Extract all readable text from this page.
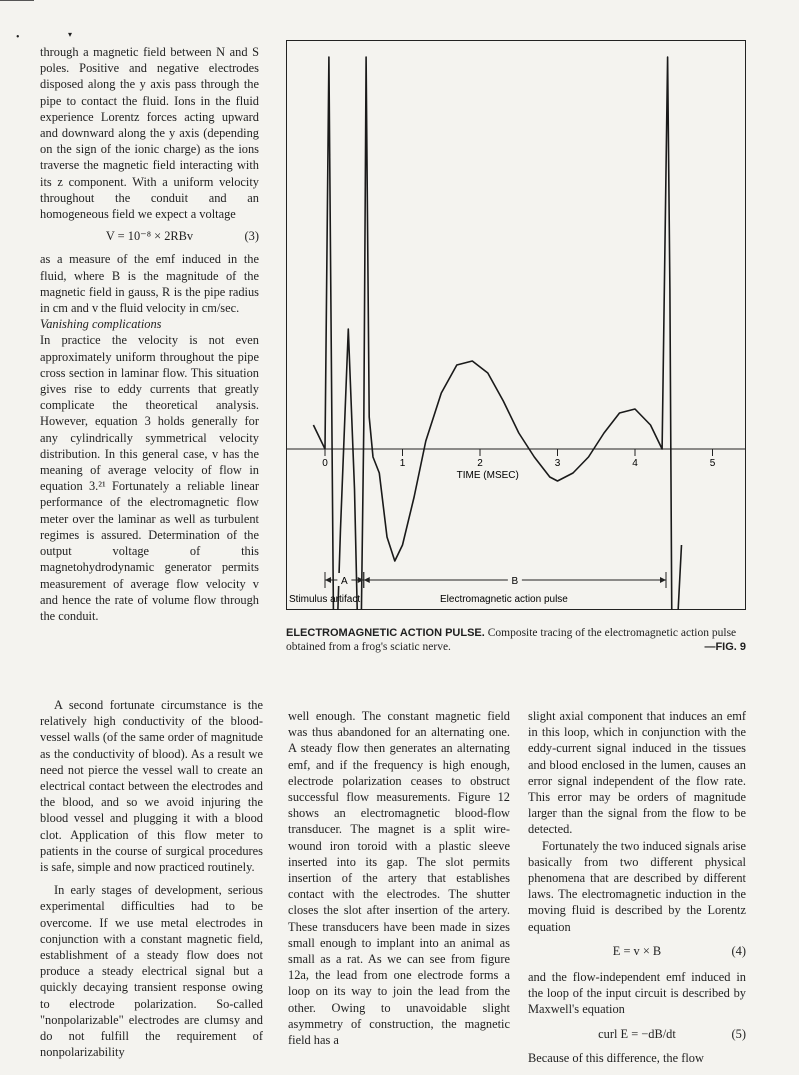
•	▾

through a magnetic field between N and S poles. Positive and negative electrodes disposed along the y axis pass through the pipe to contact the fluid. Ions in the fluid experience Lorentz forces acting upward and downward along the y axis (depending on the sign of the ionic charge) as the ions traverse the magnetic field interacting with its z component. With a uniform velocity throughout the conduit and an homogeneous field we expect a voltage

V = 10⁻⁸ × 2RBv	(3)

as a measure of the emf induced in the fluid, where B is the magnitude of the magnetic field in gauss, R is the pipe radius in cm and v the fluid velocity in cm/sec.

Vanishing complications

In practice the velocity is not even approximately uniform throughout the pipe cross section in laminar flow. This situation gives rise to eddy currents that greatly complicate the theoretical analysis. However, equation 3 holds generally for any cylindrically symmetrical velocity distribution. In this general case, v has the meaning of average velocity of flow in equation 3.²¹ Fortunately a reliable linear performance of the electromagnetic flow meter over the laminar as well as turbulent regimes is assured. Determination of the output voltage of this magnetohydrodynamic generator permits measurement of average flow velocity v and hence the rate of volume flow through the conduit.

A second fortunate circumstance is the relatively high conductivity of the blood-vessel walls (of the same order of magnitude as the conductivity of blood). As a result we need not pierce the vessel wall to create an electrical contact between the electrodes and the blood, and so we avoid injuring the blood vessel and plugging it with a blood clot. Application of this flow meter to patients in the course of surgical procedures is safe, simple and now practiced routinely.

In early stages of development, serious experimental difficulties had to be overcome. If we use metal electrodes in conjunction with a constant magnetic field, establishment of a steady flow does not produce a steady electrical signal but a quickly decaying transient response owing to electrode polarization. So-called "nonpolarizable" electrodes are clumsy and do not fulfill the requirement of nonpolarizability

0	1	2	3	4	5
TIME (MSEC)
A	B
Stimulus artifact	Electromagnetic action pulse
ELECTROMAGNETIC ACTION PULSE. Composite tracing of the electromagnetic action pulse obtained from a frog's sciatic nerve.	—FIG. 9

well enough. The constant magnetic field was thus abandoned for an alternating one. A steady flow then generates an alternating emf, and if the frequency is high enough, electrode polarization ceases to obstruct successful flow measurements. Figure 12 shows an electromagnetic blood-flow transducer. The magnet is a split wire-wound iron toroid with a plastic sleeve inserted into its gap. The slot permits insertion of the artery that establishes contact with the electrodes. The shutter closes the slot after insertion of the artery. These transducers have been made in sizes small enough to implant into an animal as small as a rat. As we can see from figure 12a, the lead from one electrode forms a loop on its way to join the lead from the other. Owing to unavoidable slight asymmetry of construction, the magnetic field has a

slight axial component that induces an emf in this loop, which in conjunction with the eddy-current signal induced in the tissues and blood enclosed in the lumen, causes an error signal independent of the flow rate. This error may be orders of magnitude larger than the signal from the flow to be detected.

Fortunately the two induced signals arise basically from two different physical phenomena that are described by different laws. The electromagnetic induction in the moving fluid is described by the Lorentz equation

E = v × B	(4)

and the flow-independent emf induced in the loop of the input circuit is described by Maxwell's equation

curl E = −dB/dt	(5)

Because of this difference, the flow
